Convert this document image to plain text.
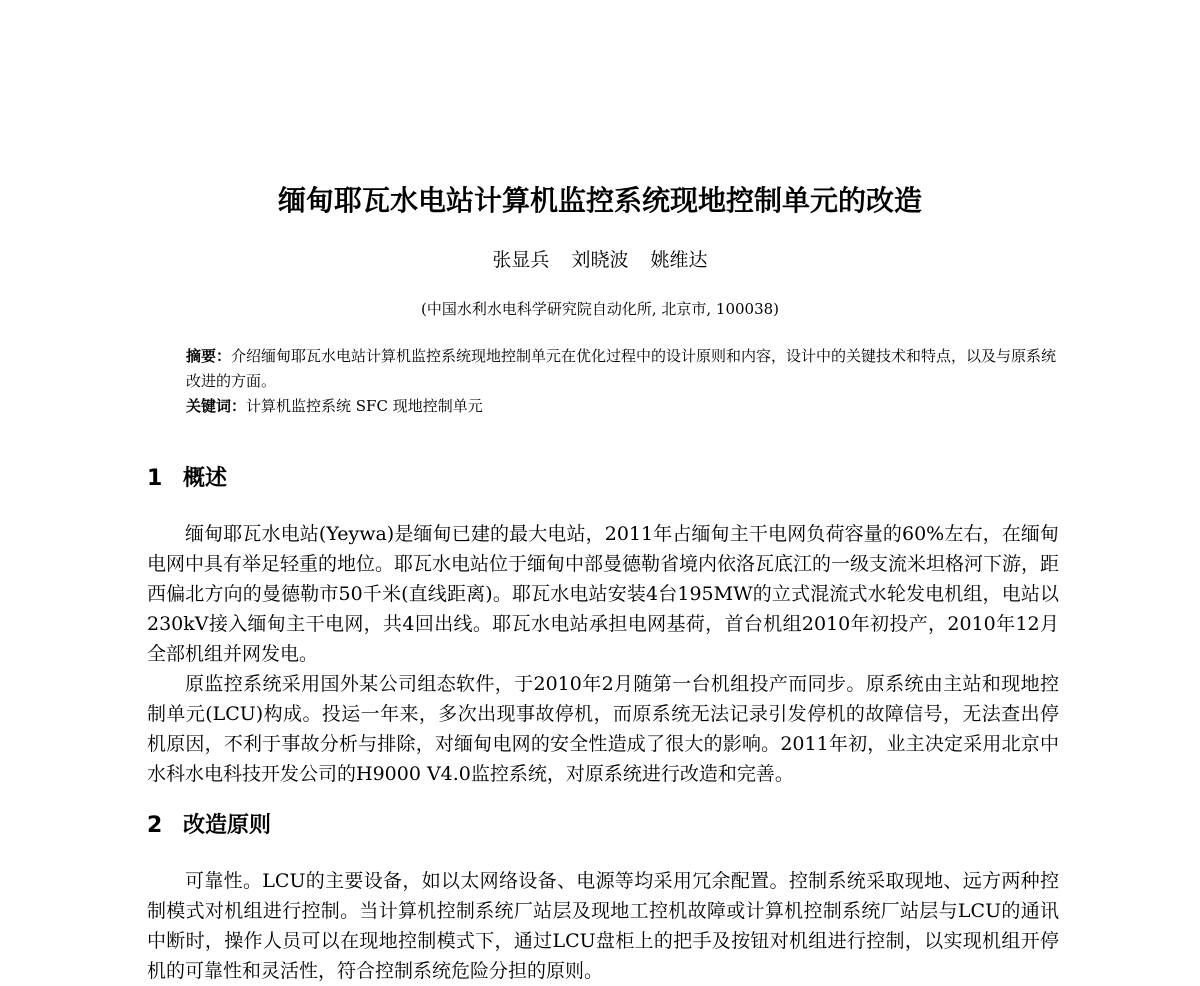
缅甸耶瓦水电站计算机监控系统现地控制单元的改造
张显兵 刘晓波 姚维达
(中国水利水电科学研究院自动化所, 北京市, 100038)

摘要：介绍缅甸耶瓦水电站计算机监控系统现地控制单元在优化过程中的设计原则和内容，设计中的关键技术和特点，以及与原系统改进的方面。

关键词：计算机监控系统 SFC 现地控制单元

1 概述

缅甸耶瓦水电站(Yeywa)是缅甸已建的最大电站，2011年占缅甸主干电网负荷容量的60%左右，在缅甸电网中具有举足轻重的地位。耶瓦水电站位于缅甸中部曼德勒省境内依洛瓦底江的一级支流米坦格河下游，距西偏北方向的曼德勒市50千米(直线距离)。耶瓦水电站安装4台195MW的立式混流式水轮发电机组，电站以230kV接入缅甸主干电网，共4回出线。耶瓦水电站承担电网基荷，首台机组2010年初投产，2010年12月全部机组并网发电。

原监控系统采用国外某公司组态软件，于2010年2月随第一台机组投产而同步。原系统由主站和现地控制单元(LCU)构成。投运一年来，多次出现事故停机，而原系统无法记录引发停机的故障信号，无法查出停机原因，不利于事故分析与排除，对缅甸电网的安全性造成了很大的影响。2011年初，业主决定采用北京中水科水电科技开发公司的H9000 V4.0监控系统，对原系统进行改造和完善。

2 改造原则

可靠性。LCU的主要设备，如以太网络设备、电源等均采用冗余配置。控制系统采取现地、远方两种控制模式对机组进行控制。当计算机控制系统厂站层及现地工控机故障或计算机控制系统厂站层与LCU的通讯中断时，操作人员可以在现地控制模式下，通过LCU盘柜上的把手及按钮对机组进行控制，以实现机组开停机的可靠性和灵活性，符合控制系统危险分担的原则。
